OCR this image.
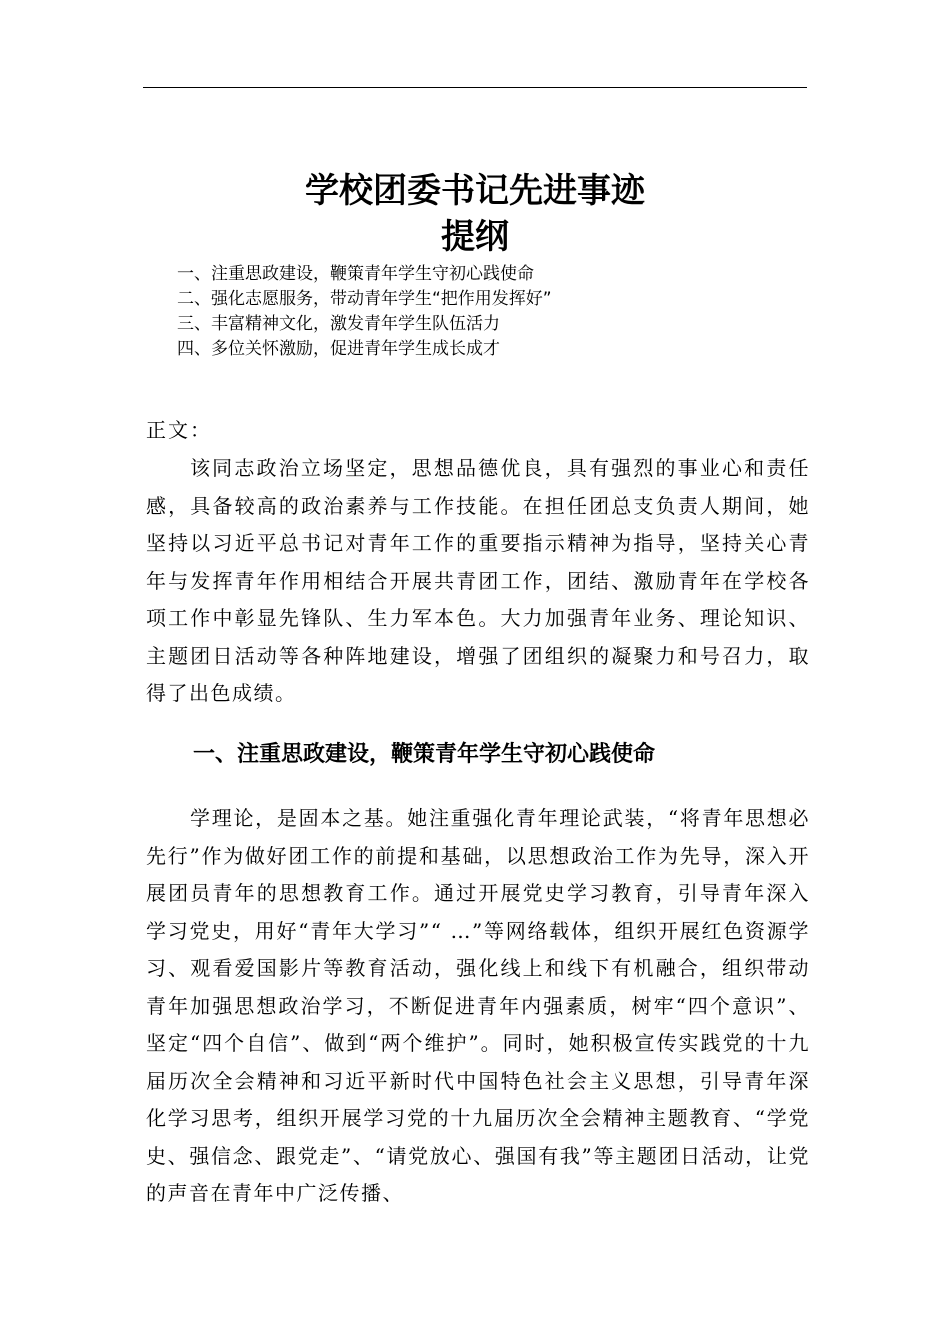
学校团委书记先进事迹
提纲
一、注重思政建设，鞭策青年学生守初心践使命
二、强化志愿服务，带动青年学生“把作用发挥好”
三、丰富精神文化，激发青年学生队伍活力
四、多位关怀激励，促进青年学生成长成才

正文：

该同志政治立场坚定，思想品德优良，具有强烈的事业心和责任感，具备较高的政治素养与工作技能。在担任团总支负责人期间，她坚持以习近平总书记对青年工作的重要指示精神为指导，坚持关心青年与发挥青年作用相结合开展共青团工作，团结、激励青年在学校各项工作中彰显先锋队、生力军本色。大力加强青年业务、理论知识、主题团日活动等各种阵地建设，增强了团组织的凝聚力和号召力，取得了出色成绩。

一、注重思政建设，鞭策青年学生守初心践使命

学理论，是固本之基。她注重强化青年理论武装，“将青年思想必先行”作为做好团工作的前提和基础，以思想政治工作为先导，深入开展团员青年的思想教育工作。通过开展党史学习教育，引导青年深入学习党史，用好“青年大学习”“ …”等网络载体，组织开展红色资源学习、观看爱国影片等教育活动，强化线上和线下有机融合，组织带动青年加强思想政治学习，不断促进青年内强素质，树牢“四个意识”、坚定“四个自信”、做到“两个维护”。同时，她积极宣传实践党的十九届历次全会精神和习近平新时代中国特色社会主义思想，引导青年深化学习思考，组织开展学习党的十九届历次全会精神主题教育、“学党史、强信念、跟党走”、“请党放心、强国有我”等主题团日活动，让党的声音在青年中广泛传播、
